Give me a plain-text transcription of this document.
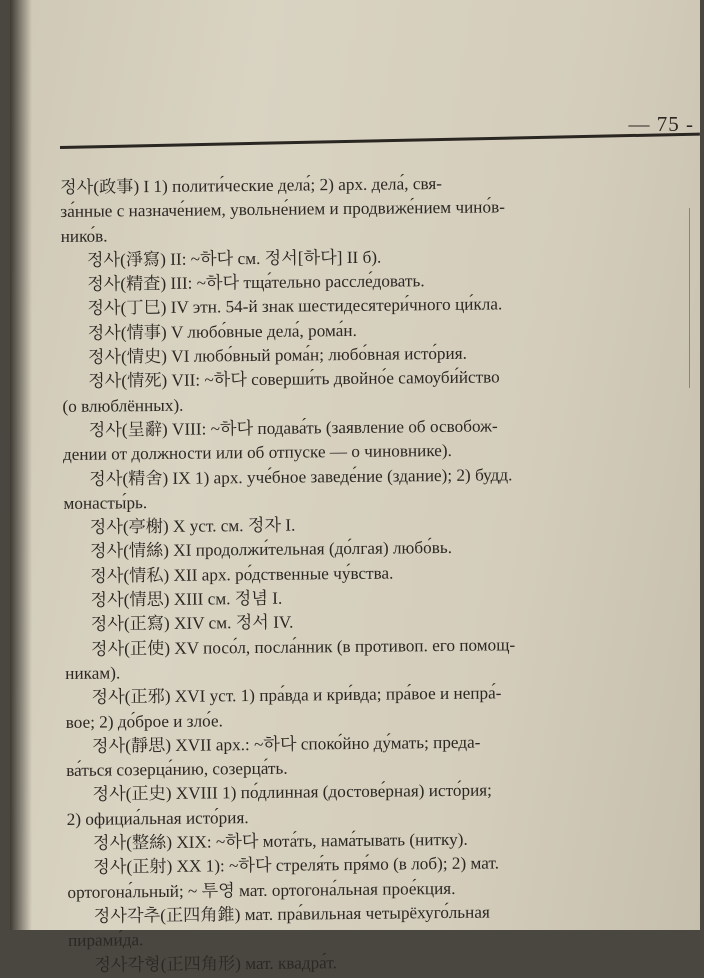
— 75 -
정사(政事) I 1) полити́ческие дела́; 2) арх. дела́, свя-
за́нные с назначе́нием, увольне́нием и продвиже́нием чино́в-
нико́в.
정사(淨寫) II: ~하다 см. 정서[하다] II б).
정사(精査) III: ~하다 тща́тельно рассле́довать.
정사(丁巳) IV этн. 54-й знак шестидесятери́чного ци́кла.
정사(情事) V любо́вные дела́, рома́н.
정사(情史) VI любо́вный рома́н; любо́вная исто́рия.
정사(情死) VII: ~하다 соверши́ть двойно́е самоуби́йство
(о влюблённых).
정사(呈辭) VIII: ~하다 подава́ть (заявление об освобож-
дении от должности или об отпуске — о чиновнике).
정사(精舍) IX 1) арх. уче́бное заведе́ние (здание); 2) будд.
монасты́рь.
정사(亭榭) X уст. см. 정자 I.
정사(情絲) XI продолжи́тельная (до́лгая) любо́вь.
정사(情私) XII арх. ро́дственные чу́вства.
정사(情思) XIII см. 정념 I.
정사(正寫) XIV см. 정서 IV.
정사(正使) XV посо́л, посла́нник (в противоп. его помощ-
никам).
정사(正邪) XVI уст. 1) пра́вда и кри́вда; пра́вое и непра́-
вое; 2) до́брое и зло́е.
정사(靜思) XVII арх.: ~하다 споко́йно ду́мать; преда-
ва́ться созерца́нию, созерца́ть.
정사(正史) XVIII 1) по́длинная (достове́рная) исто́рия;
2) официа́льная исто́рия.
정사(整絲) XIX: ~하다 мота́ть, нама́тывать (нитку).
정사(正射) XX 1): ~하다 стреля́ть пря́мо (в лоб); 2) мат.
ортогона́льный; ~ 투영 мат. ортогона́льная прое́кция.
정사각추(正四角錐) мат. пра́вильная четырёхуго́льная
пирами́да.
정사각형(正四角形) мат. квадра́т.
